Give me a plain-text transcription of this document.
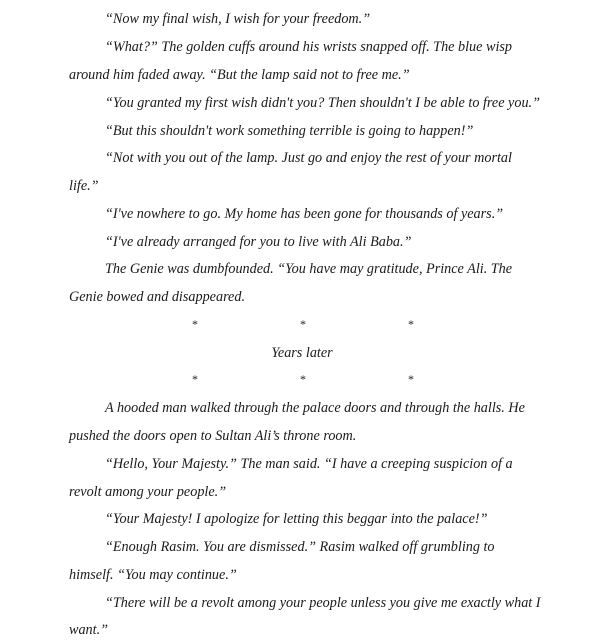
“Now my final wish, I wish for your freedom.”
“What?” The golden cuffs around his wrists snapped off. The blue wisp
around him faded away. “But the lamp said not to free me.”
“You granted my first wish didn't you? Then shouldn't I be able to free you.”
“But this shouldn't work something terrible is going to happen!”
“Not with you out of the lamp. Just go and enjoy the rest of your mortal
life.”
“I've nowhere to go. My home has been gone for thousands of years.”
“I've already arranged for you to live with Ali Baba.”
The Genie was dumbfounded. “You have may gratitude, Prince Ali. The
Genie bowed and disappeared.
*	*	*
Years later
*	*	*
A hooded man walked through the palace doors and through the halls. He
pushed the doors open to Sultan Ali’s throne room.
“Hello, Your Majesty.” The man said. “I have a creeping suspicion of a
revolt among your people.”
“Your Majesty! I apologize for letting this beggar into the palace!”
“Enough Rasim. You are dismissed.” Rasim walked off grumbling to
himself. “You may continue.”
“There will be a revolt among your people unless you give me exactly what I
want.”
